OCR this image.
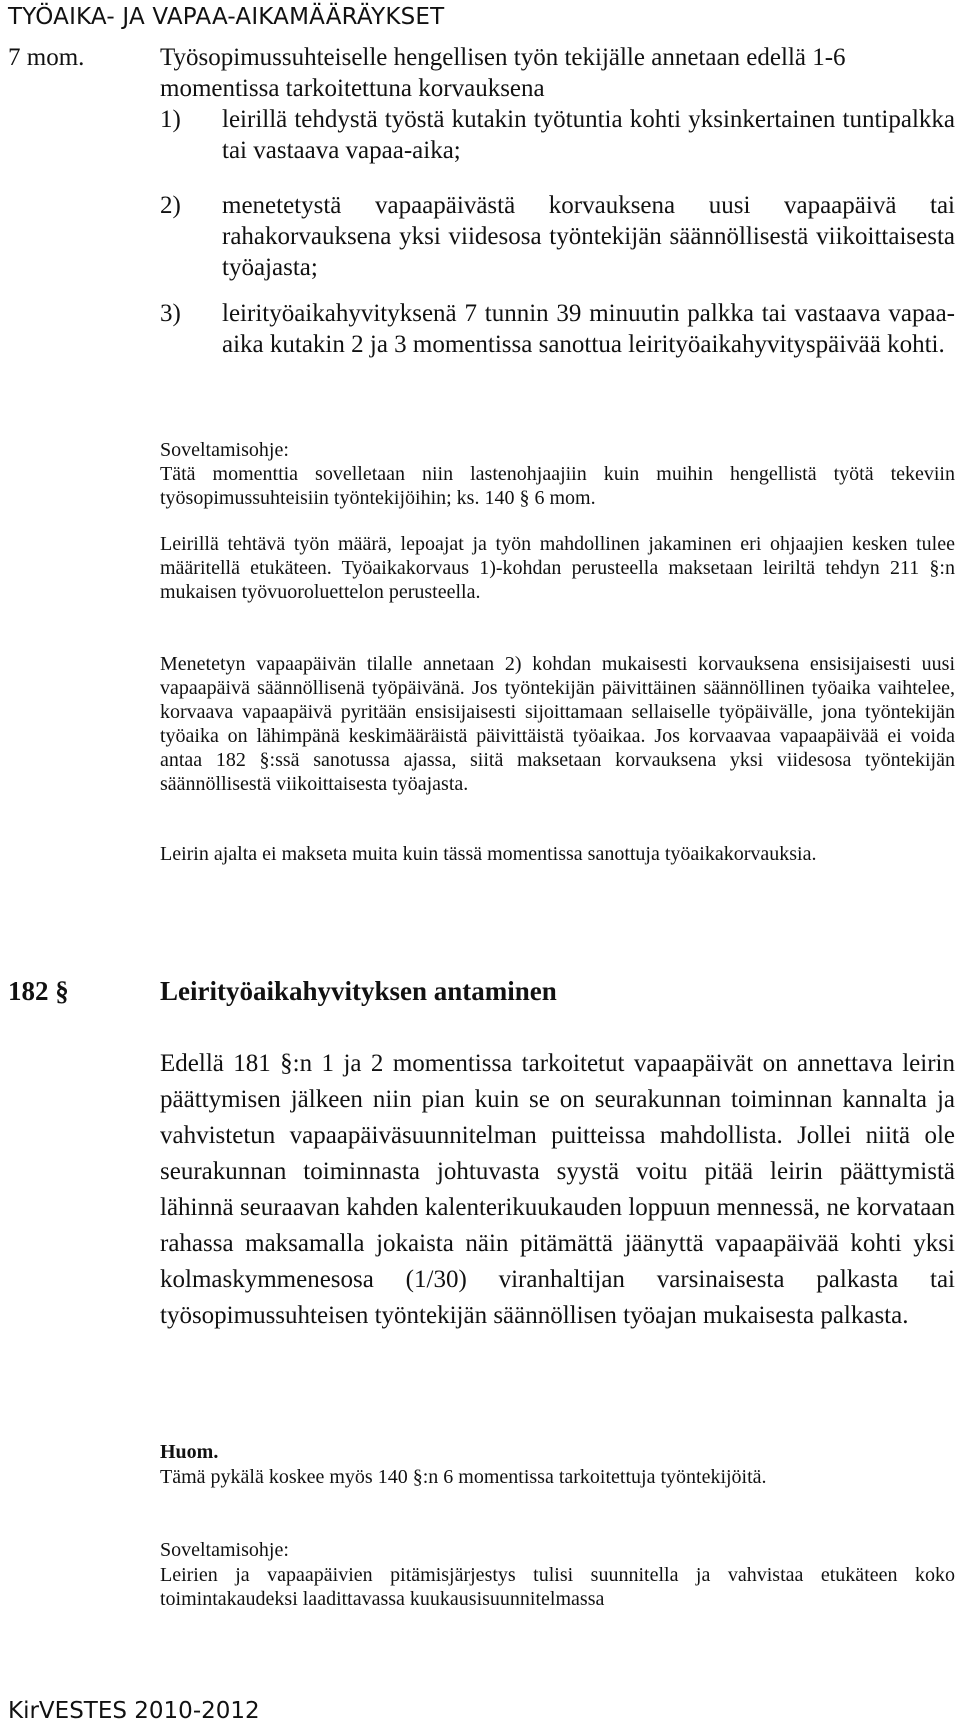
TYÖAIKA- JA VAPAA-AIKAMÄÄRÄYKSET
7 mom.	Työsopimussuhteiselle hengellisen työn tekijälle annetaan edellä 1-6 momentissa tarkoitettuna korvauksena
1) leirillä tehdystä työstä kutakin työtuntia kohti yksinkertainen tuntipalkka tai vastaava vapaa-aika;
2) menetetystä vapaapäivästä korvauksena uusi vapaapäivä tai rahakorvauksena yksi viidesosa työntekijän säännöllisestä viikoittaisesta työajasta;
3) leirityöaikahyvityksenä 7 tunnin 39 minuutin palkka tai vastaava vapaa-aika kutakin 2 ja 3 momentissa sanottua leirityöaikahyvityspäivää kohti.
Soveltamisohje:
Tätä momenttia sovelletaan niin lastenohjaajiin kuin muihin hengellistä työtä tekeviin työsopimussuhteisiin työntekijöihin; ks. 140 § 6 mom.
Leirillä tehtävä työn määrä, lepoajat ja työn mahdollinen jakaminen eri ohjaajien kesken tulee määritellä etukäteen. Työaikakorvaus 1)-kohdan perusteella maksetaan leiriltä tehdyn 211 §:n mukaisen työvuoroluettelon perusteella.
Menetetyn vapaapäivän tilalle annetaan 2) kohdan mukaisesti korvauksena ensisijaisesti uusi vapaapäivä säännöllisenä työpäivänä. Jos työntekijän päivittäinen säännöllinen työaika vaihtelee, korvaava vapaapäivä pyritään ensisijaisesti sijoittamaan sellaiselle työpäivälle, jona työntekijän työaika on lähimpänä keskimääräistä päivittäistä työaikaa. Jos korvaavaa vapaapäivää ei voida antaa 182 §:ssä sanotussa ajassa, siitä maksetaan korvauksena yksi viidesosa työntekijän säännöllisestä viikoittaisesta työajasta.
Leirin ajalta ei makseta muita kuin tässä momentissa sanottuja työaikakorvauksia.
182 §	Leirityöaikahyvityksen antaminen
Edellä 181 §:n 1 ja 2 momentissa tarkoitetut vapaapäivät on annettava leirin päättymisen jälkeen niin pian kuin se on seurakunnan toiminnan kannalta ja vahvistetun vapaapäiväsuunnitelman puitteissa mahdollista. Jollei niitä ole seurakunnan toiminnasta johtuvasta syystä voitu pitää leirin päättymistä lähinnä seuraavan kahden kalenterikuukauden loppuun mennessä, ne korvataan rahassa maksamalla jokaista näin pitämättä jäänyttä vapaapäivää kohti yksi kolmaskymmenesosa (1/30) viranhaltijan varsinaisesta palkasta tai työsopimussuhteisen työntekijän säännöllisen työajan mukaisesta palkasta.
Huom.
Tämä pykälä koskee myös 140 §:n 6 momentissa tarkoitettuja työntekijöitä.
Soveltamisohje:
Leirien ja vapaapäivien pitämisjärjestys tulisi suunnitella ja vahvistaa etukäteen koko toimintakaudeksi laadittavassa kuukausisuunnitelmassa
KirVESTES 2010-2012
